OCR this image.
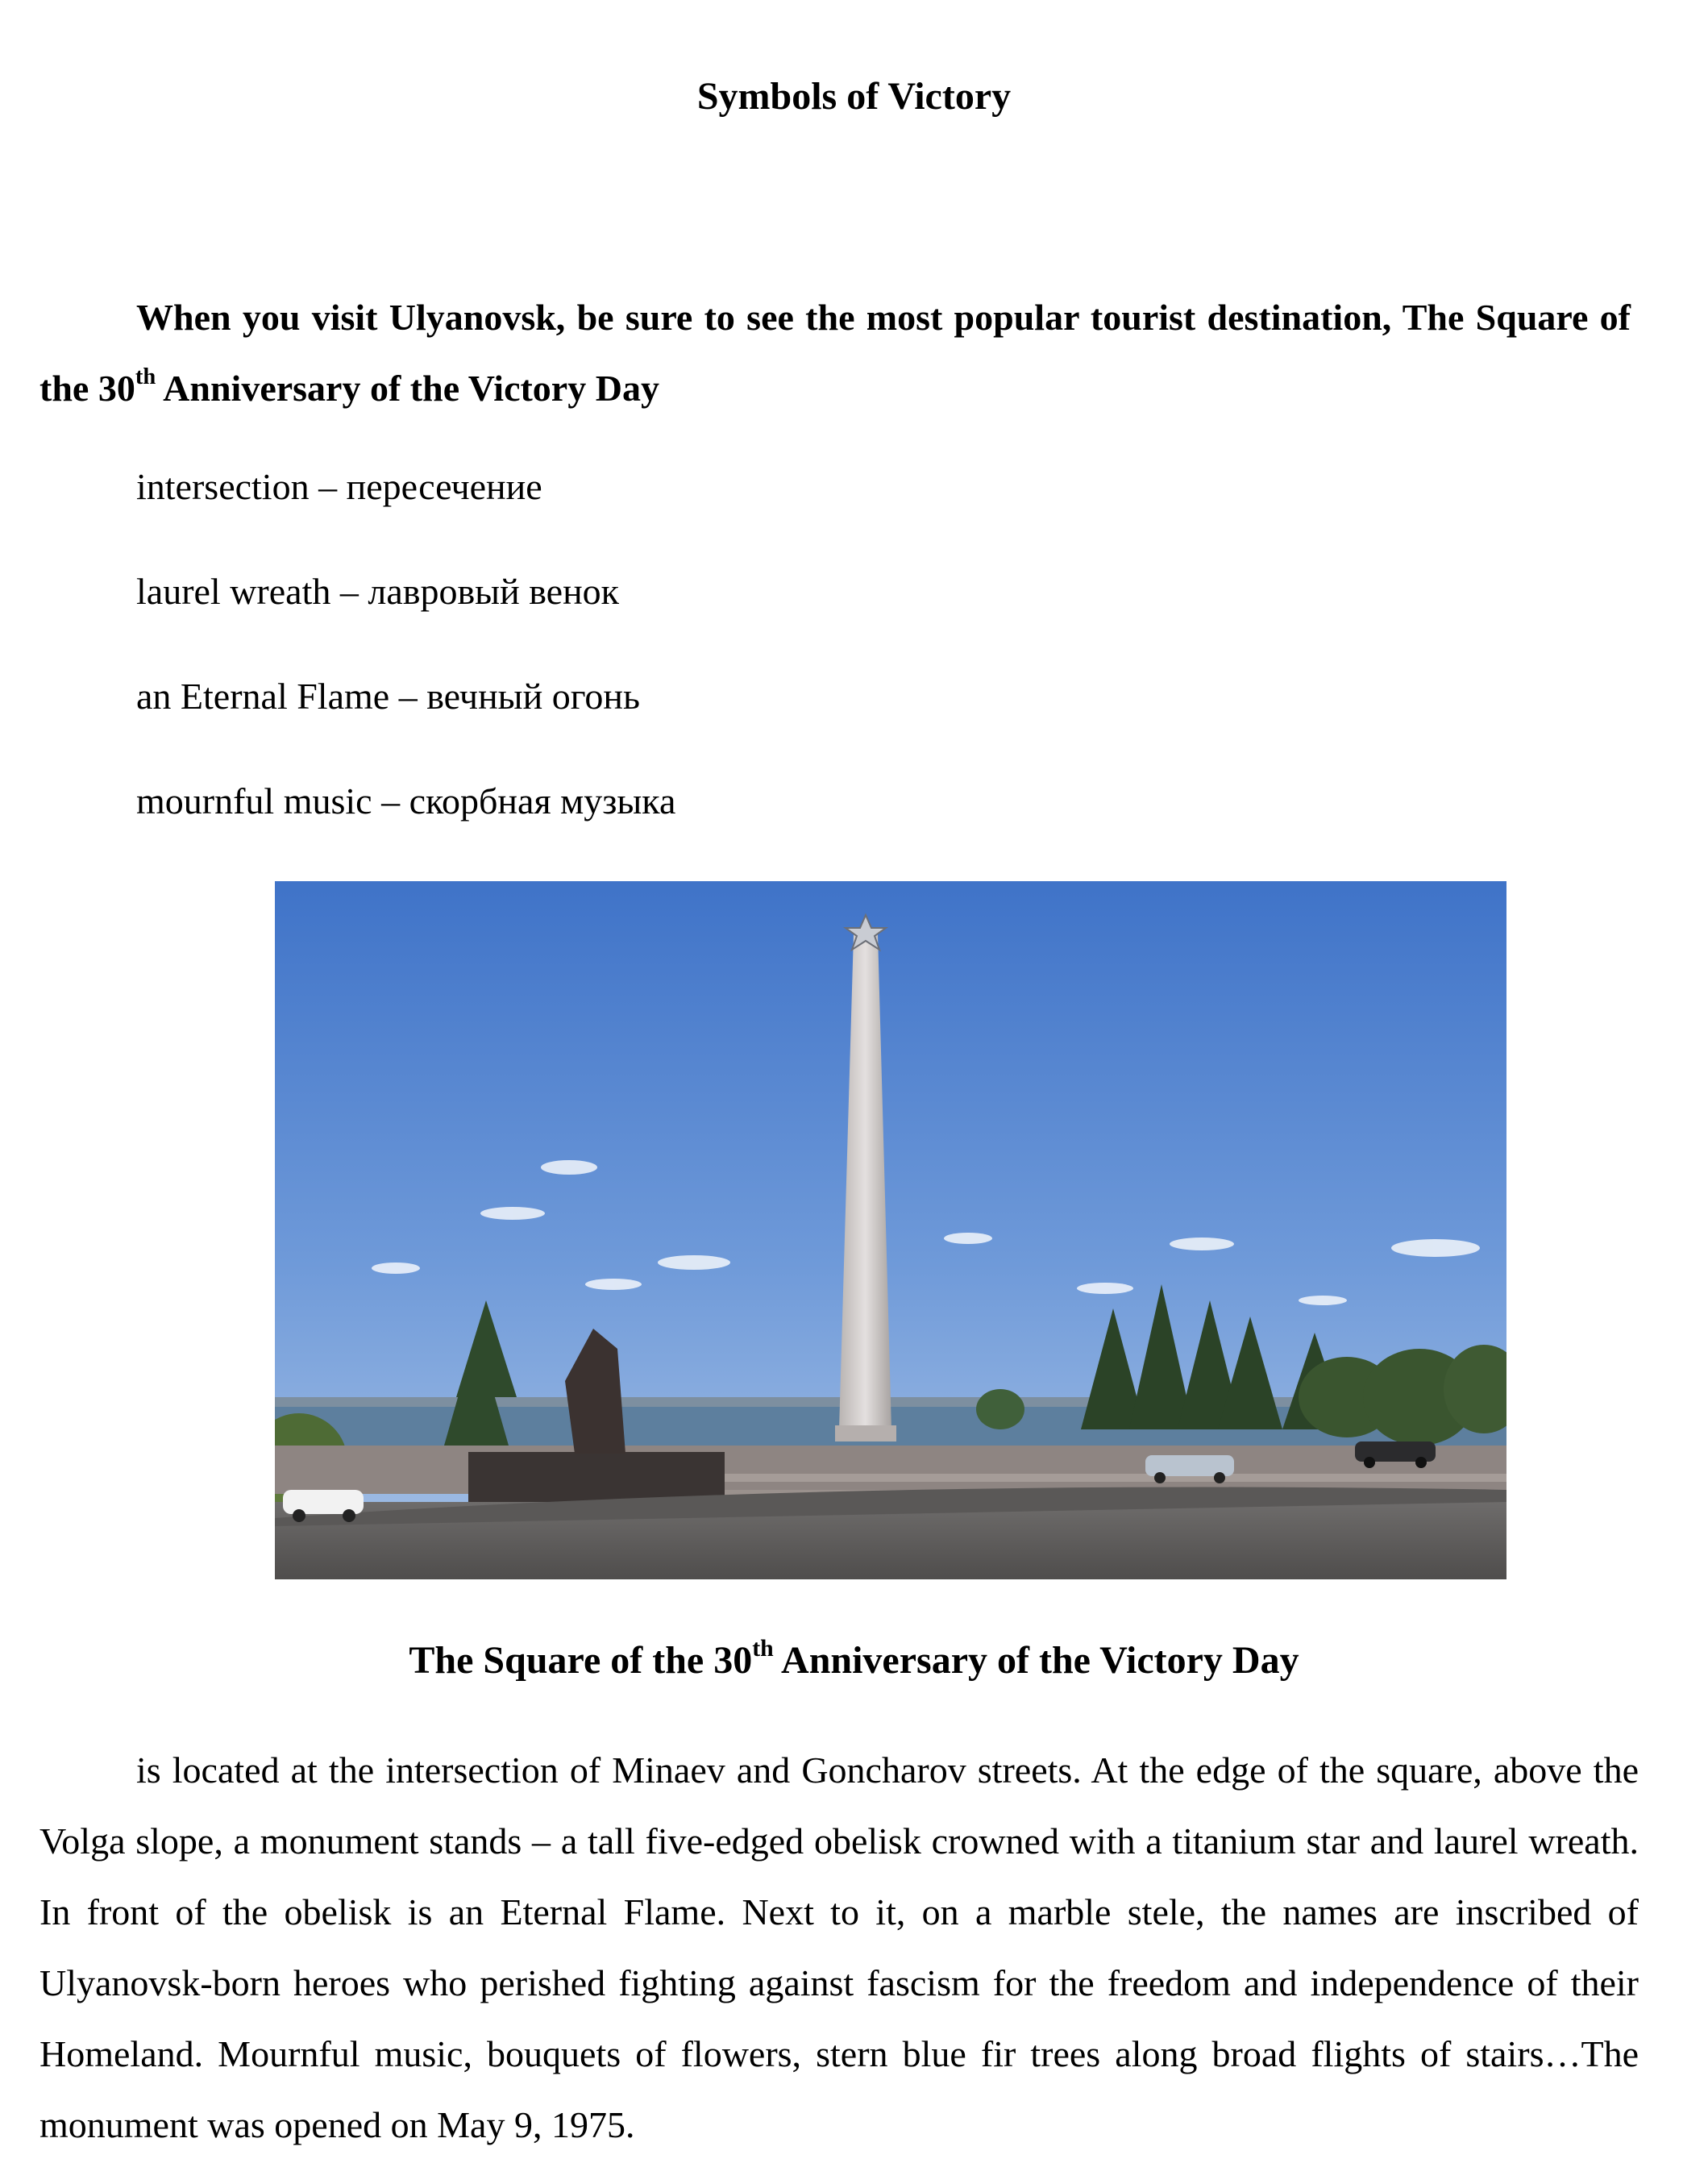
Symbols of Victory
When you visit Ulyanovsk, be sure to see the most popular tourist destination, The Square of the 30th Anniversary of the Victory Day
intersection – пересечение
laurel wreath – лавровый венок
an Eternal Flame – вечный огонь
mournful music – скорбная музыка
The Square of the 30th Anniversary of the Victory Day
is located at the intersection of Minaev and Goncharov streets. At the edge of the square, above the Volga slope, a monument stands – a tall five-edged obelisk crowned with a titanium star and laurel wreath. In front of the obelisk is an Eternal Flame. Next to it, on a marble stele, the names are inscribed of Ulyanovsk-born heroes who perished fighting against fascism for the freedom and independence of their Homeland. Mournful music, bouquets of flowers, stern blue fir trees along broad flights of stairs…The monument was opened on May 9, 1975.
